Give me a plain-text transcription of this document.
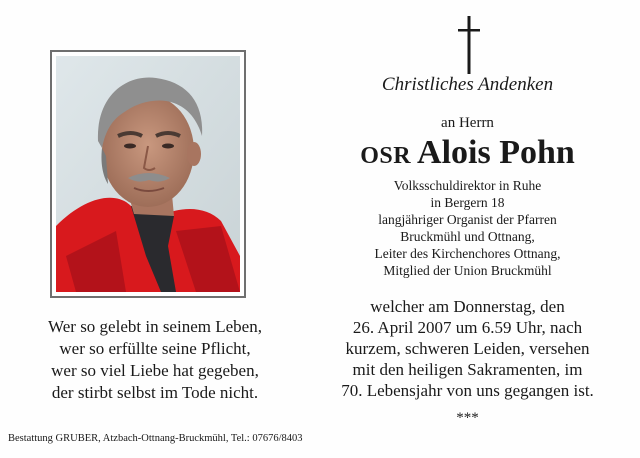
Wer so gelebt in seinem Leben,
wer so erfüllte seine Pflicht,
wer so viel Liebe hat gegeben,
der stirbt selbst im Tode nicht.
Bestattung GRUBER, Atzbach-Ottnang-Bruckmühl, Tel.: 07676/8403
Christliches Andenken
an Herrn
OSR Alois Pohn
Volksschuldirektor in Ruhe
in Bergern 18
langjähriger Organist der Pfarren
Bruckmühl und Ottnang,
Leiter des Kirchenchores Ottnang,
Mitglied der Union Bruckmühl
welcher am Donnerstag, den
26. April 2007 um 6.59 Uhr, nach
kurzem, schweren Leiden, versehen
mit den heiligen Sakramenten, im
70. Lebensjahr von uns gegangen ist.
***
